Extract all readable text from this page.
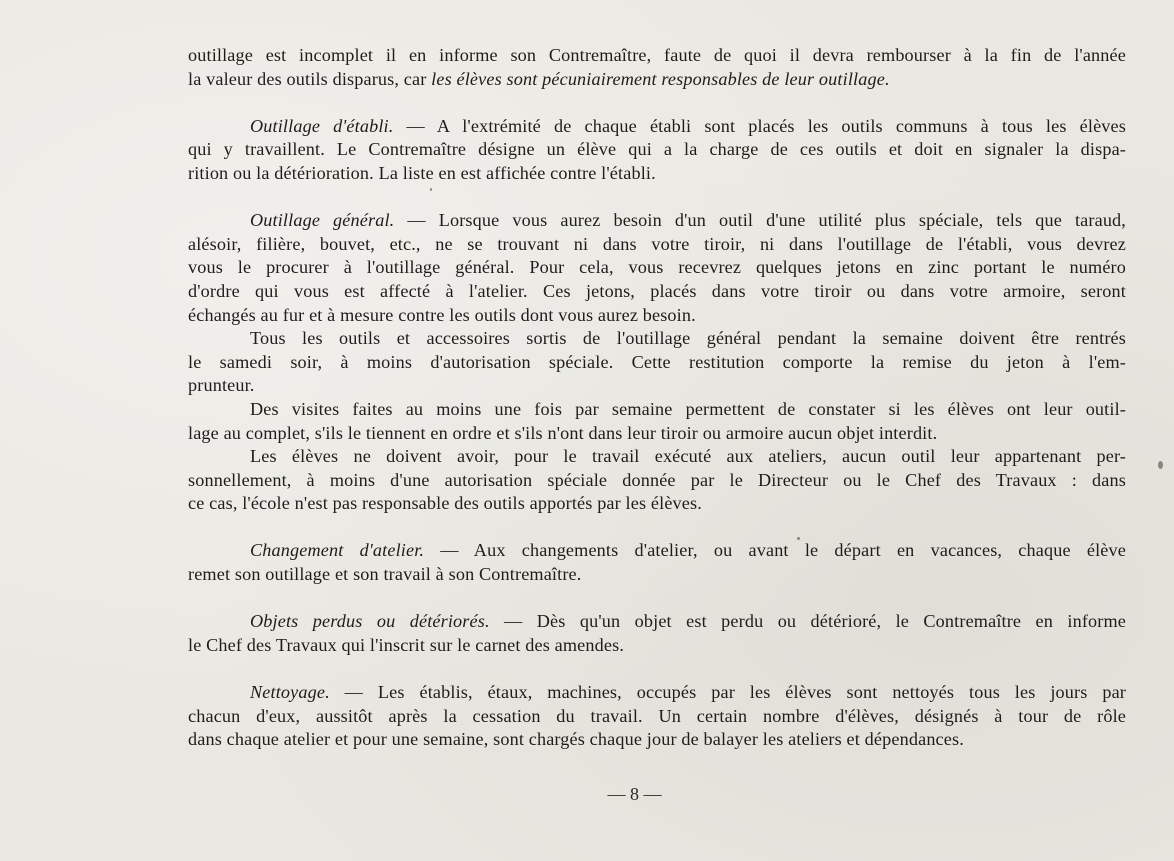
outillage est incomplet il en informe son Contremaître, faute de quoi il devra rembourser à la fin de l'année
la valeur des outils disparus, car les élèves sont pécuniairement responsables de leur outillage.
Outillage d'établi. — A l'extrémité de chaque établi sont placés les outils communs à tous les élèves
qui y travaillent. Le Contremaître désigne un élève qui a la charge de ces outils et doit en signaler la dispa-
rition ou la détérioration. La liste en est affichée contre l'établi.
Outillage général. — Lorsque vous aurez besoin d'un outil d'une utilité plus spéciale, tels que taraud,
alésoir, filière, bouvet, etc., ne se trouvant ni dans votre tiroir, ni dans l'outillage de l'établi, vous devrez
vous le procurer à l'outillage général. Pour cela, vous recevrez quelques jetons en zinc portant le numéro
d'ordre qui vous est affecté à l'atelier. Ces jetons, placés dans votre tiroir ou dans votre armoire, seront
échangés au fur et à mesure contre les outils dont vous aurez besoin.
Tous les outils et accessoires sortis de l'outillage général pendant la semaine doivent être rentrés
le samedi soir, à moins d'autorisation spéciale. Cette restitution comporte la remise du jeton à l'em-
prunteur.
Des visites faites au moins une fois par semaine permettent de constater si les élèves ont leur outil-
lage au complet, s'ils le tiennent en ordre et s'ils n'ont dans leur tiroir ou armoire aucun objet interdit.
Les élèves ne doivent avoir, pour le travail exécuté aux ateliers, aucun outil leur appartenant per-
sonnellement, à moins d'une autorisation spéciale donnée par le Directeur ou le Chef des Travaux : dans
ce cas, l'école n'est pas responsable des outils apportés par les élèves.
Changement d'atelier. — Aux changements d'atelier, ou avant le départ en vacances, chaque élève
remet son outillage et son travail à son Contremaître.
Objets perdus ou détériorés. — Dès qu'un objet est perdu ou détérioré, le Contremaître en informe
le Chef des Travaux qui l'inscrit sur le carnet des amendes.
Nettoyage. — Les établis, étaux, machines, occupés par les élèves sont nettoyés tous les jours par
chacun d'eux, aussitôt après la cessation du travail. Un certain nombre d'élèves, désignés à tour de rôle
dans chaque atelier et pour une semaine, sont chargés chaque jour de balayer les ateliers et dépendances.
— 8 —
